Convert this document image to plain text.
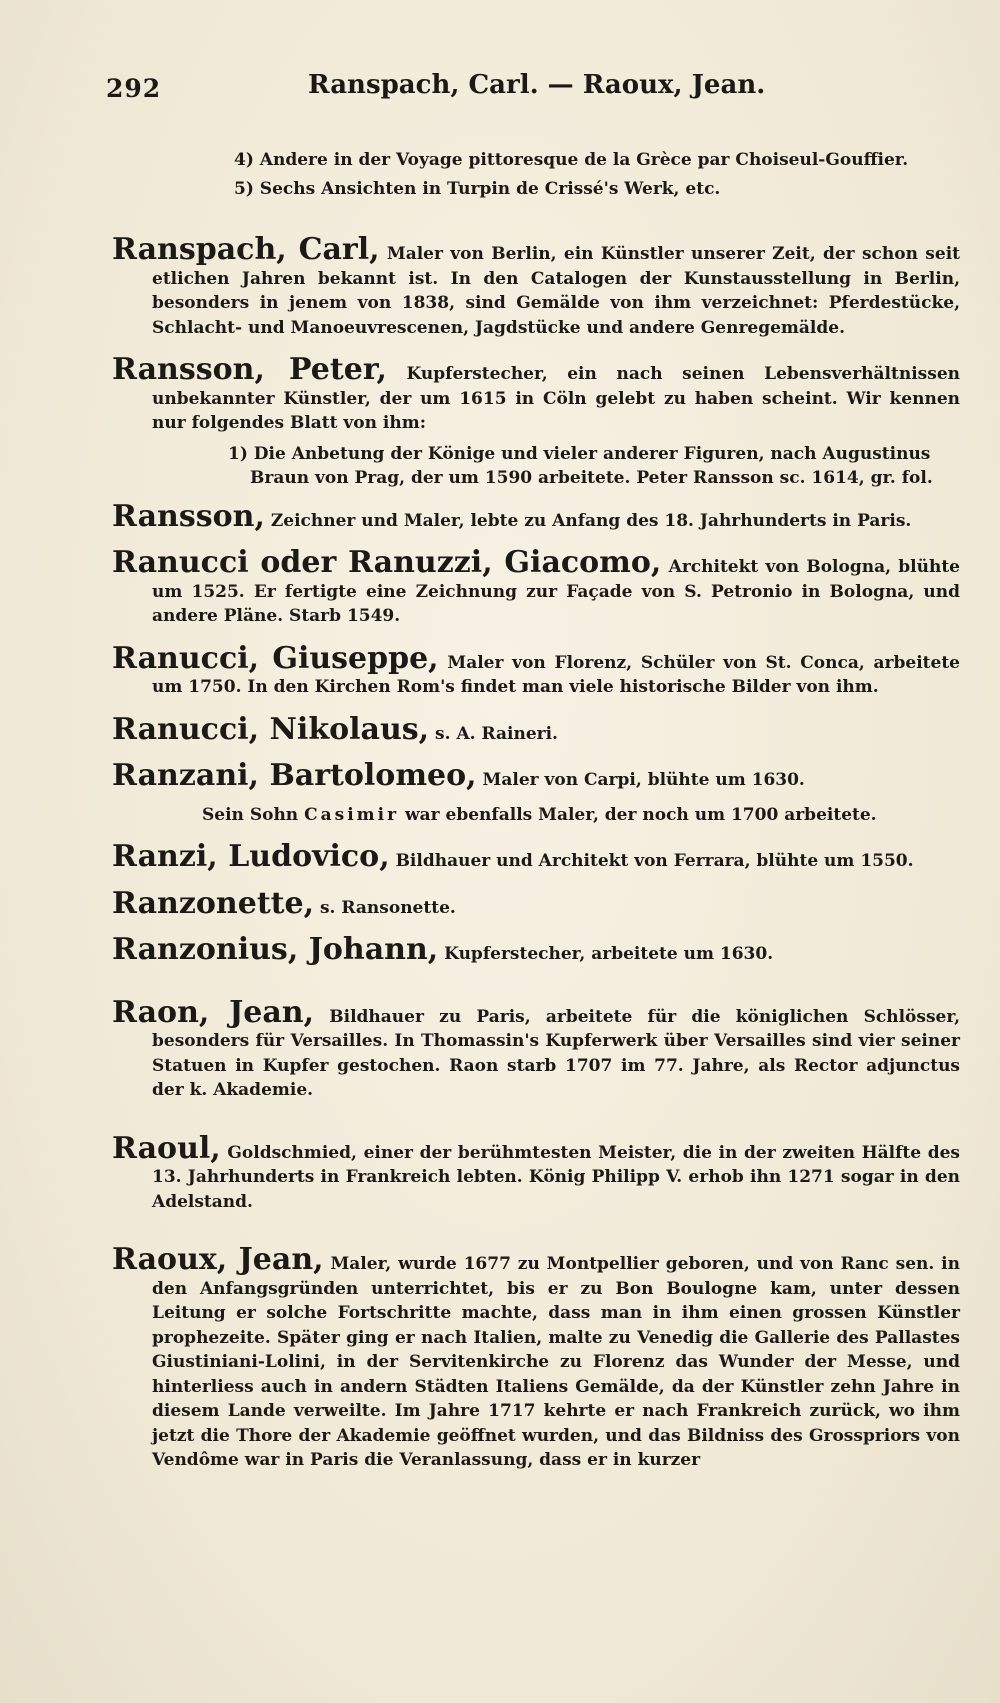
292	Ranspach, Carl. — Raoux, Jean.

4) Andere in der Voyage pittoresque de la Grèce par Choiseul-Gouffier.

5) Sechs Ansichten in Turpin de Crissé's Werk, etc.

Ranspach, Carl, Maler von Berlin, ein Künstler unserer Zeit, der schon seit etlichen Jahren bekannt ist. In den Catalogen der Kunstausstellung in Berlin, besonders in jenem von 1838, sind Gemälde von ihm verzeichnet: Pferdestücke, Schlacht- und Manoeuvrescenen, Jagdstücke und andere Genregemälde.

Ransson, Peter, Kupferstecher, ein nach seinen Lebensverhältnissen unbekannter Künstler, der um 1615 in Cöln gelebt zu haben scheint. Wir kennen nur folgendes Blatt von ihm:

1) Die Anbetung der Könige und vieler anderer Figuren, nach Augustinus Braun von Prag, der um 1590 arbeitete. Peter Ransson sc. 1614, gr. fol.

Ransson, Zeichner und Maler, lebte zu Anfang des 18. Jahrhunderts in Paris.

Ranucci oder Ranuzzi, Giacomo, Architekt von Bologna, blühte um 1525. Er fertigte eine Zeichnung zur Façade von S. Petronio in Bologna, und andere Pläne. Starb 1549.

Ranucci, Giuseppe, Maler von Florenz, Schüler von St. Conca, arbeitete um 1750. In den Kirchen Rom's findet man viele historische Bilder von ihm.

Ranucci, Nikolaus, s. A. Raineri.

Ranzani, Bartolomeo, Maler von Carpi, blühte um 1630.

Sein Sohn Casimir war ebenfalls Maler, der noch um 1700 arbeitete.

Ranzi, Ludovico, Bildhauer und Architekt von Ferrara, blühte um 1550.

Ranzonette, s. Ransonette.

Ranzonius, Johann, Kupferstecher, arbeitete um 1630.

Raon, Jean, Bildhauer zu Paris, arbeitete für die königlichen Schlösser, besonders für Versailles. In Thomassin's Kupferwerk über Versailles sind vier seiner Statuen in Kupfer gestochen. Raon starb 1707 im 77. Jahre, als Rector adjunctus der k. Akademie.

Raoul, Goldschmied, einer der berühmtesten Meister, die in der zweiten Hälfte des 13. Jahrhunderts in Frankreich lebten. König Philipp V. erhob ihn 1271 sogar in den Adelstand.

Raoux, Jean, Maler, wurde 1677 zu Montpellier geboren, und von Ranc sen. in den Anfangsgründen unterrichtet, bis er zu Bon Boulogne kam, unter dessen Leitung er solche Fortschritte machte, dass man in ihm einen grossen Künstler prophezeite. Später ging er nach Italien, malte zu Venedig die Gallerie des Pallastes Giustiniani-Lolini, in der Servitenkirche zu Florenz das Wunder der Messe, und hinterliess auch in andern Städten Italiens Gemälde, da der Künstler zehn Jahre in diesem Lande verweilte. Im Jahre 1717 kehrte er nach Frankreich zurück, wo ihm jetzt die Thore der Akademie geöffnet wurden, und das Bildniss des Grosspriors von Vendôme war in Paris die Veranlassung, dass er in kurzer
